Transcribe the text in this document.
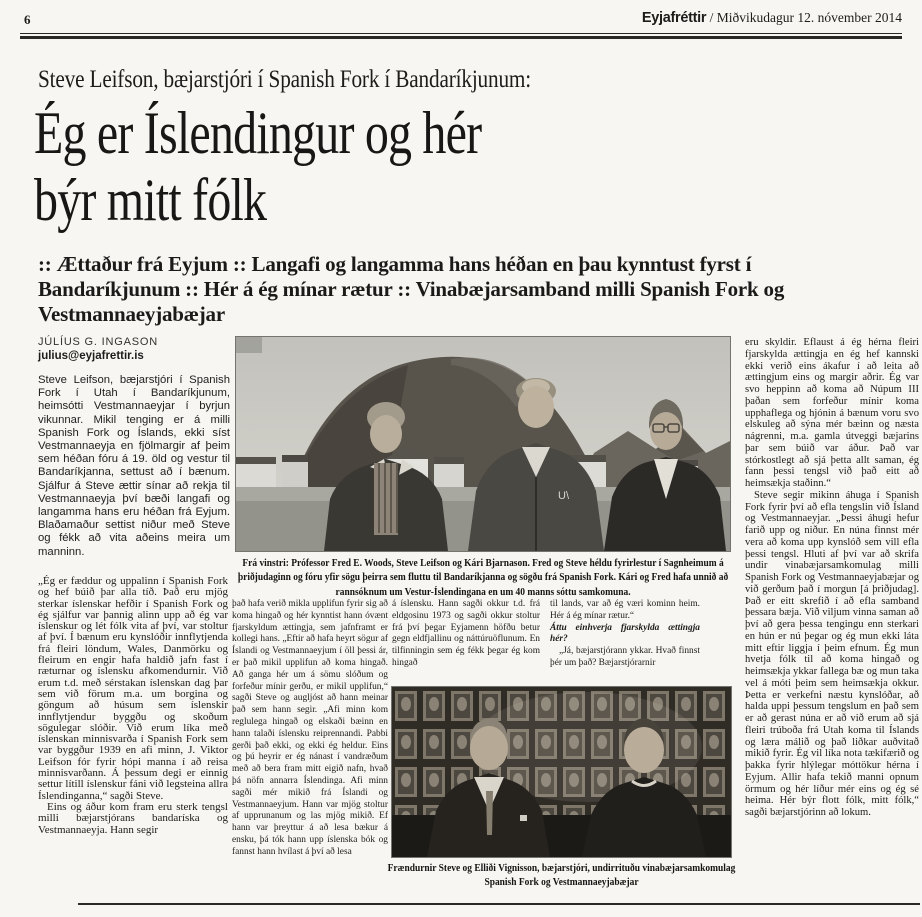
6	Eyjafréttir / Miðvikudagur 12. nóvember 2014
Steve Leifson, bæjarstjóri í Spanish Fork í Bandaríkjunum:
Ég er Íslendingur og hér
býr mitt fólk
:: Ættaður frá Eyjum :: Langafi og langamma hans héðan en þau kynntust fyrst í Bandaríkjunum :: Hér á ég mínar rætur :: Vinabæjarsamband milli Spanish Fork og Vestmannaeyjabæjar
JÚLÍUS G. INGASON
julius@eyjafrettir.is

Steve Leifson, bæjarstjóri í Spanish Fork í Utah í Bandaríkjunum, heimsótti Vestmannaeyjar í byrjun vikunnar. Mikil tenging er á milli Spanish Fork og Íslands, ekki síst Vestmannaeyja en fjölmargir af þeim sem héðan fóru á 19. öld og vestur til Bandaríkjanna, settust að í bænum. Sjálfur á Steve ættir sínar að rekja til Vestmannaeyja því bæði langafi og langamma hans eru héðan frá Eyjum. Blaðamaður settist niður með Steve og fékk að vita aðeins meira um manninn.

„Ég er fæddur og uppalinn í Spanish Fork og hef búið þar alla tíð. Það eru mjög sterkar íslenskar hefðir í Spanish Fork og ég sjálfur var þannig alinn upp að ég var íslenskur og lét fólk vita af því, var stoltur af því. Í bænum eru kynslóðir innflytjenda frá fleiri löndum, Wales, Danmörku og fleirum en engir hafa haldið jafn fast í ræturnar og íslensku afkomendurnir. Við erum t.d. með sérstakan íslenskan dag þar sem við förum m.a. um borgina og göngum að húsum sem íslenskir innflytjendur byggðu og skoðum sögulegar slóðir. Við erum líka með íslenskan minnisvarða í Spanish Fork sem var byggður 1939 en afi minn, J. Viktor Leifson fór fyrir hópi manna í að reisa minnisvarðann. Á þessum degi er einnig settur lítill íslenskur fáni við legsteina allra Íslendinganna,“ sagði Steve.

Eins og áður kom fram eru sterk tengsl milli bæjarstjórans bandaríska og Vestmannaeyja. Hann segir

U\
Frá vinstri: Prófessor Fred E. Woods, Steve Leifson og Kári Bjarnason. Fred og Steve héldu fyrirlestur í Sagnheimum á þriðjudaginn og fóru yfir sögu þeirra sem fluttu til Bandaríkjanna og sögðu frá Spanish Fork. Kári og Fred hafa unnið að rannsóknum um Vestur-Íslendingana en um 40 manns sóttu samkomuna.

það hafa verið mikla upplifun fyrir sig að koma hingað og hér kynntist hann óvænt fjarskyldum ættingja, sem jafnframt er kollegi hans. „Eftir að hafa heyrt sögur af Íslandi og Vestmannaeyjum í öll þessi ár, er það mikil upplifun að koma hingað. Að ganga hér um á sömu slóðum og forfeður mínir gerðu, er mikil upplifun,“ sagði Steve og augljóst að hann meinar það sem hann segir. „Afi minn kom reglulega hingað og elskaði bæinn en hann talaði íslensku reiprennandi. Pabbi gerði það ekki, og ekki ég heldur. Eins og þú heyrir er ég nánast í vandræðum með að bera fram mitt eigið nafn, hvað þá nöfn annarra Íslendinga. Afi minn sagði mér mikið frá Íslandi og Vestmannaeyjum. Hann var mjög stoltur af upprunanum og las mjög mikið. Ef hann var þreyttur á að lesa bækur á ensku, þá tók hann upp íslenska bók og fannst hann hvílast á því að lesa

á íslensku. Hann sagði okkur t.d. frá eldgosinu 1973 og sagði okkur stoltur frá því þegar Eyjamenn höfðu betur gegn eldfjallinu og náttúruöflunum. En tilfinningin sem ég fékk þegar ég kom hingað

til lands, var að ég væri kominn heim. Hér á ég mínar rætur.“

Áttu einhverja fjarskylda ættingja hér?

„Já, bæjarstjórann ykkar. Hvað finnst þér um það? Bæjarstjórarnir

Frændurnir Steve og Elliði Vignisson, bæjarstjóri, undirrituðu vinabæjarsamkomulag Spanish Fork og Vestmannaeyjabæjar

eru skyldir. Eflaust á ég hérna fleiri fjarskylda ættingja en ég hef kannski ekki verið eins ákafur í að leita að ættingjum eins og margir aðrir. Ég var svo heppinn að koma að Núpum III þaðan sem forfeður mínir koma upphaflega og hjónin á bænum voru svo elskuleg að sýna mér bæinn og næsta nágrenni, m.a. gamla útveggi bæjarins þar sem búið var áður. Það var stórkostlegt að sjá þetta allt saman, ég fann þessi tengsl við það eitt að heimsækja staðinn.“

Steve segir mikinn áhuga í Spanish Fork fyrir því að efla tengslin við Ísland og Vestmannaeyjar. „Þessi áhugi hefur farið upp og niður. En núna finnst mér vera að koma upp kynslóð sem vill efla þessi tengsl. Hluti af því var að skrifa undir vinabæjarsamkomulag milli Spanish Fork og Vestmannaeyjabæjar og við gerðum það í morgun [á þriðjudag]. Það er eitt skrefið í að efla samband þessara bæja. Við viljum vinna saman að því að gera þessa tengingu enn sterkari en hún er nú þegar og ég mun ekki láta mitt eftir liggja í þeim efnum. Ég mun hvetja fólk til að koma hingað og heimsækja ykkar fallega bæ og mun taka vel á móti þeim sem heimsækja okkur. Þetta er verkefni næstu kynslóðar, að halda uppi þessum tengslum en það sem er að gerast núna er að við erum að sjá fleiri trúboða frá Utah koma til Íslands og læra málið og það liðkar auðvitað mikið fyrir. Ég vil líka nota tækifærið og þakka fyrir hlýlegar móttökur hérna í Eyjum. Allir hafa tekið manni opnum örmum og hér líður mér eins og ég sé heima. Hér býr flott fólk, mitt fólk,“ sagði bæjarstjórinn að lokum.
